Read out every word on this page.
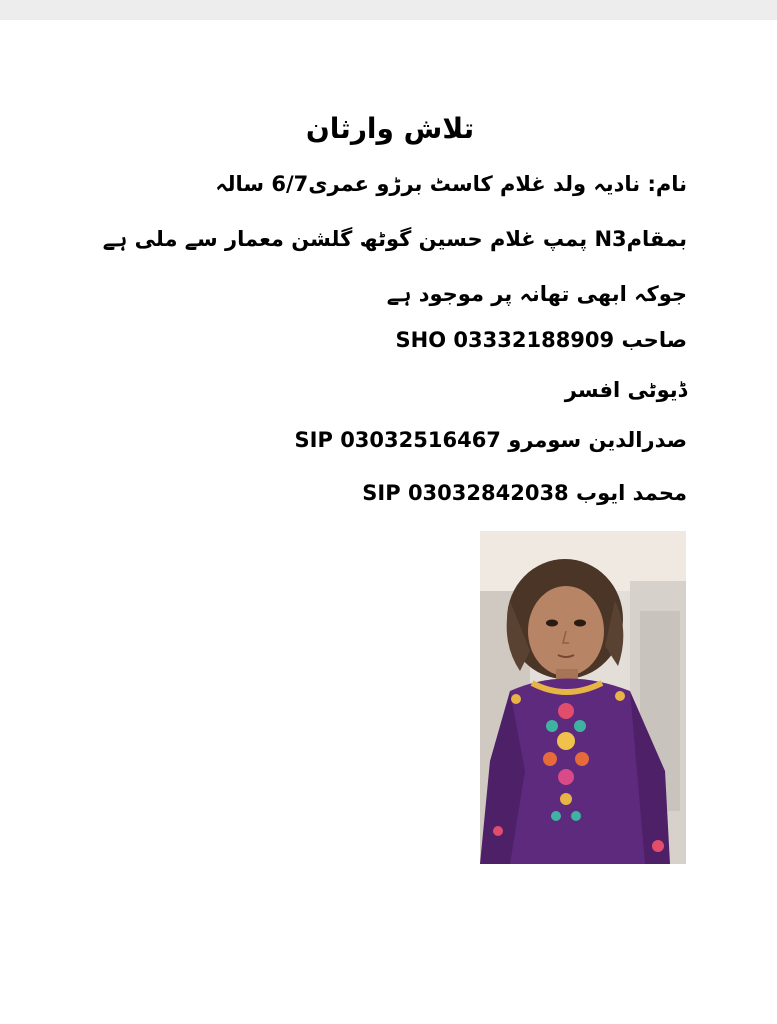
تلاش وارثان
نام: نادیہ ولد غلام کاسٹ برڑو عمری6/7 سالہ
بمقامN3 پمپ غلام حسین گوٹھ گلشن معمار سے ملی ہے
جوکہ ابھی تھانہ پر موجود ہے
SHO صاحب 03332188909
ڈیوٹی افسر
SIP صدرالدین سومرو 03032516467
SIP محمد ایوب 03032842038
